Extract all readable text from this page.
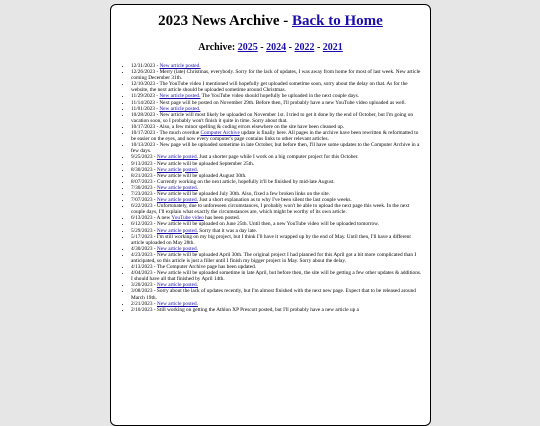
2023 News Archive - Back to Home
Archive: 2025 - 2024 - 2022 - 2021
• 12/31/2023 - New article posted.
• 12/26/2023 - Merry (late) Christmas, everybody. Sorry for the lack of updates, I was away from home for most of last week. New article coming December 31th.
• 12/10/2023 - The YouTube video I mentioned will hopefully get uploaded sometime soon, sorry about the delay on that. As for the website, the next article should be uploaded sometime around Christmas.
• 11/29/2023 - New article posted. The YouTube video should hopefully be uploaded in the next couple days.
• 11/14/2023 - Next page will be posted on November 29th. Before then, I'll probably have a new YouTube video uploaded as well.
• 11/01/2023 - New article posted.
• 10/28/2023 - New article will most likely be uploaded on November 1st. I tried to get it done by the end of October, but I'm going on vacation soon, so I probably won't finish it quite in time. Sorry about that.
• 10/17/2023 - Also, a few minor spelling & coding errors elsewhere on the site have been cleaned up.
• 10/17/2023 - The much overdue Computer Archive update is finally here. All pages in the archive have been rewritten & reformatted to be easier on the eyes, and now every computer's page contains links to other relevant articles.
• 10/13/2023 - New page will be uploaded sometime in late October, but before then, I'll have some updates to the Computer Archive in a few days.
• 9/25/2023 - New article posted. Just a shorter page while I work on a big computer project for this October.
• 9/13/2023 - New article will be uploaded September 25th.
• 8/30/2023 - New article posted.
• 8/21/2023 - New article will be uploaded August 30th.
• 8/07/2023 - Currently working on the next article, hopefully it'll be finished by mid-late August.
• 7/30/2023 - New article posted.
• 7/23/2023 - New article will be uploaded July 30th. Also, fixed a few broken links on the site.
• 7/07/2023 - New article posted. Just a short explanation as to why I've been silent the last couple weeks.
• 6/22/2023 - Unfortunately, due to unforeseen circumstances, I probably won't be able to upload the next page this week. In the next couple days, I'll explain what exactly the circumstances are, which might be worthy of its own article.
• 6/13/2023 - A new YouTube video has been posted.
• 6/12/2023 - New article will be uploaded on June 25th. Until then, a new YouTube video will be uploaded tomorrow.
• 5/29/2023 - New article posted. Sorry that it was a day late.
• 5/17/2023 - I'm still working on my big project, but I think I'll have it wrapped up by the end of May. Until then, I'll have a different article uploaded on May 28th.
• 4/30/2023 - New article posted.
• 4/23/2023 - New article will be uploaded April 30th. The original project I had planned for this April got a bit more complicated than I anticipated, so this article is just a filler until I finish my bigger project in May. Sorry about the delay.
• 4/13/2023 - The Computer Archive page has been updated.
• 4/04/2023 - New article will be uploaded sometime in late April, but before then, the site will be getting a few other updates & additions. I should have all that finished by April 14th.
• 3/20/2023 - New article posted.
• 3/08/2023 - Sorry about the lack of updates recently, but I'm almost finished with the next new page. Expect that to be released around March 19th.
• 2/21/2023 - New article posted.
• 2/10/2023 - Still working on getting the Athlon XP Prescott posted, but I'll probably have a new article up a
